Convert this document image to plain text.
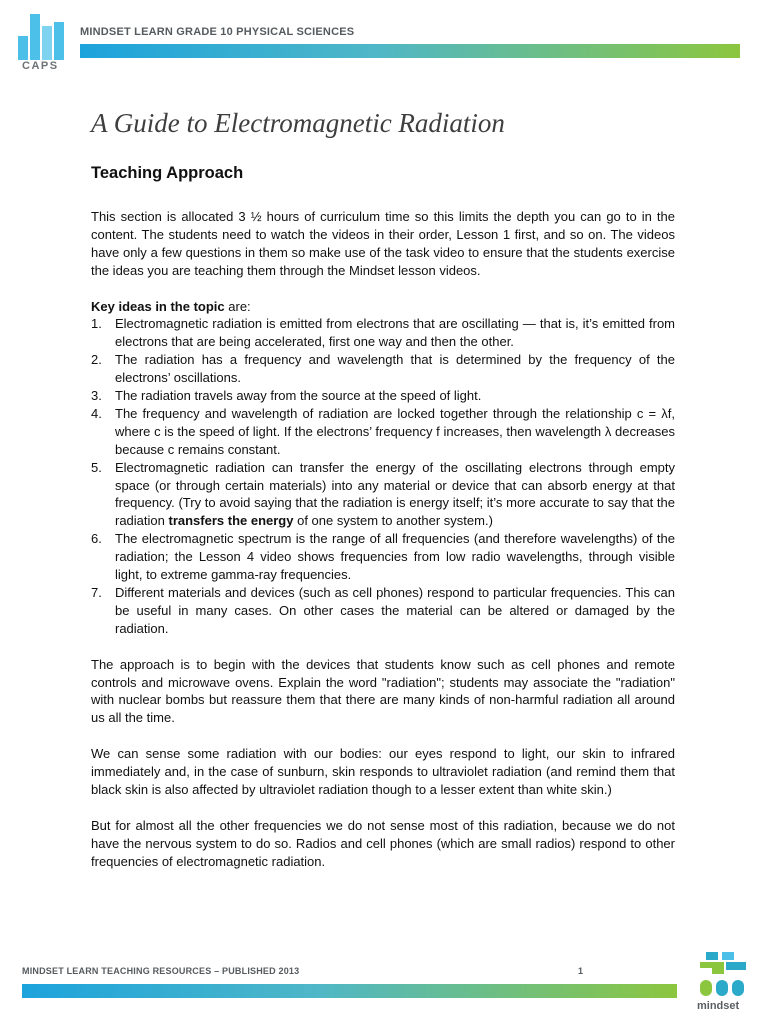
CAPS
MINDSET LEARN GRADE 10 PHYSICAL SCIENCES
A Guide to Electromagnetic Radiation
Teaching Approach

This section is allocated 3 ½ hours of curriculum time so this limits the depth you can go to in the content. The students need to watch the videos in their order, Lesson 1 first, and so on. The videos have only a few questions in them so make use of the task video to ensure that the students exercise the ideas you are teaching them through the Mindset lesson videos.

Key ideas in the topic are:

1. Electromagnetic radiation is emitted from electrons that are oscillating — that is, it’s emitted from electrons that are being accelerated, first one way and then the other.
2. The radiation has a frequency and wavelength that is determined by the frequency of the electrons’ oscillations.
3. The radiation travels away from the source at the speed of light.
4. The frequency and wavelength of radiation are locked together through the relationship c = λf, where c is the speed of light. If the electrons’ frequency f increases, then wavelength λ decreases because c remains constant.
5. Electromagnetic radiation can transfer the energy of the oscillating electrons through empty space (or through certain materials) into any material or device that can absorb energy at that frequency. (Try to avoid saying that the radiation is energy itself; it’s more accurate to say that the radiation transfers the energy of one system to another system.)
6. The electromagnetic spectrum is the range of all frequencies (and therefore wavelengths) of the radiation; the Lesson 4 video shows frequencies from low radio wavelengths, through visible light, to extreme gamma-ray frequencies.
7. Different materials and devices (such as cell phones) respond to particular frequencies. This can be useful in many cases. On other cases the material can be altered or damaged by the radiation.

The approach is to begin with the devices that students know such as cell phones and remote controls and microwave ovens. Explain the word "radiation"; students may associate the "radiation" with nuclear bombs but reassure them that there are many kinds of non-harmful radiation all around us all the time.

We can sense some radiation with our bodies: our eyes respond to light, our skin to infrared immediately and, in the case of sunburn, skin responds to ultraviolet radiation (and remind them that black skin is also affected by ultraviolet radiation though to a lesser extent than white skin.)

But for almost all the other frequencies we do not sense most of this radiation, because we do not have the nervous system to do so. Radios and cell phones (which are small radios) respond to other frequencies of electromagnetic radiation.

MINDSET LEARN TEACHING RESOURCES – PUBLISHED 2013	1
mindset
